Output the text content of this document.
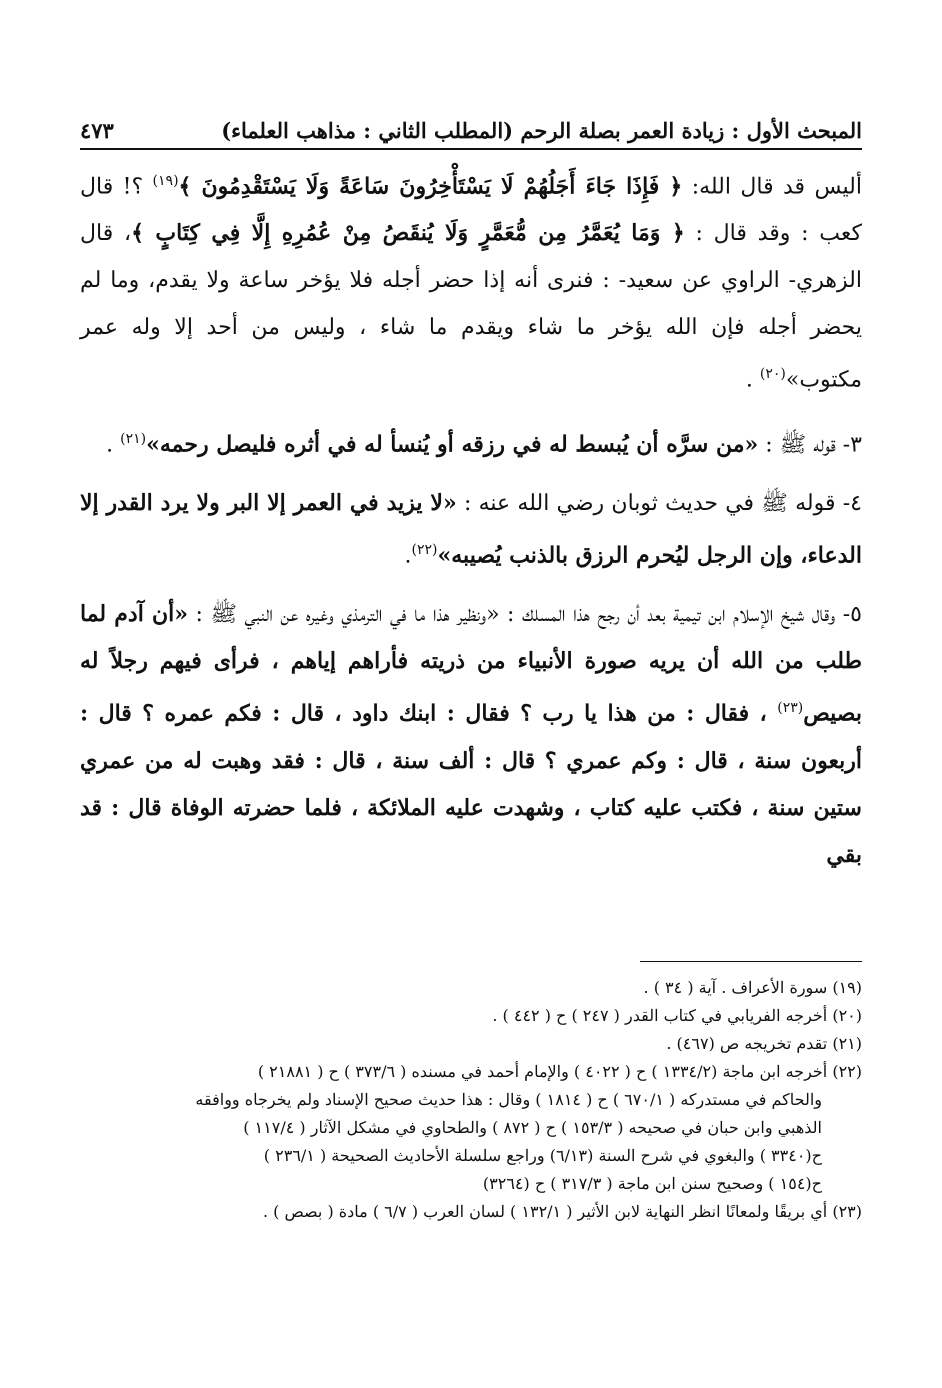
المبحث الأول : زيادة العمر بصلة الرحم (المطلب الثاني : مذاهب العلماء)
٤٧٣

أليس قد قال الله: ﴿ فَإِذَا جَاءَ أَجَلُهُمْ لَا يَسْتَأْخِرُونَ سَاعَةً وَلَا يَسْتَقْدِمُونَ ﴾$^{(١٩)}$ ؟! قال كعب : وقد قال : ﴿ وَمَا يُعَمَّرُ مِن مُّعَمَّرٍ وَلَا يُنقَصُ مِنْ عُمُرِهِ إِلَّا فِي كِتَابٍ ﴾، قال الزهري- الراوي عن سعيد- : فنرى أنه إذا حضر أجله فلا يؤخر ساعة ولا يقدم، وما لم يحضر أجله فإن الله يؤخر ما شاء ويقدم ما شاء ، وليس من أحد إلا وله عمر مكتوب»$^{(٢٠)}$ .

٣- قوله ﷺ : «من سرَّه أن يُبسط له في رزقه أو يُنسأ له في أثره فليصل رحمه»$^{(٢١)}$ .

٤- قوله ﷺ في حديث ثوبان رضي الله عنه : «لا يزيد في العمر إلا البر ولا يرد القدر إلا الدعاء، وإن الرجل ليُحرم الرزق بالذنب يُصيبه»$^{(٢٢)}$.

٥- وقال شيخ الإسلام ابن تيمية بعد أن رجح هذا المسلك : «ونظير هذا ما في الترمذي وغيره عن النبي ﷺ : «أن آدم لما طلب من الله أن يريه صورة الأنبياء من ذريته فأراهم إياهم ، فرأى فيهم رجلاً له بصيص$^{(٢٣)}$ ، فقال : من هذا يا رب ؟ فقال : ابنك داود ، قال : فكم عمره ؟ قال : أربعون سنة ، قال : وكم عمري ؟ قال : ألف سنة ، قال : فقد وهبت له من عمري ستين سنة ، فكتب عليه كتاب ، وشهدت عليه الملائكة ، فلما حضرته الوفاة قال : قد بقي

(١٩) سورة الأعراف . آية ( ٣٤ ) .

(٢٠) أخرجه الفريابي في كتاب القدر ( ٢٤٧ ) ح ( ٤٤٢ ) .

(٢١) تقدم تخريجه ص (٤٦٧) .

(٢٢) أخرجه ابن ماجة (١٣٣٤/٢ ) ح ( ٤٠٢٢ ) والإمام أحمد في مسنده ( ٣٧٣/٦ ) ح ( ٢١٨٨١ )

والحاكم في مستدركه ( ٦٧٠/١ ) ح ( ١٨١٤ ) وقال : هذا حديث صحيح الإسناد ولم يخرجاه ووافقه

الذهبي وابن حبان في صحيحه ( ١٥٣/٣ ) ح ( ٨٧٢ ) والطحاوي في مشكل الآثار ( ١١٧/٤ )

ح(٣٣٤٠ ) والبغوي في شرح السنة (٦/١٣) وراجع سلسلة الأحاديث الصحيحة ( ٢٣٦/١ )

ح(١٥٤ ) وصحيح سنن ابن ماجة ( ٣١٧/٣ ) ح (٣٢٦٤)

(٢٣) أي بريقًا ولمعانًا انظر النهاية لابن الأثير ( ١٣٢/١ ) لسان العرب ( ٦/٧ ) مادة ( بصص ) .
